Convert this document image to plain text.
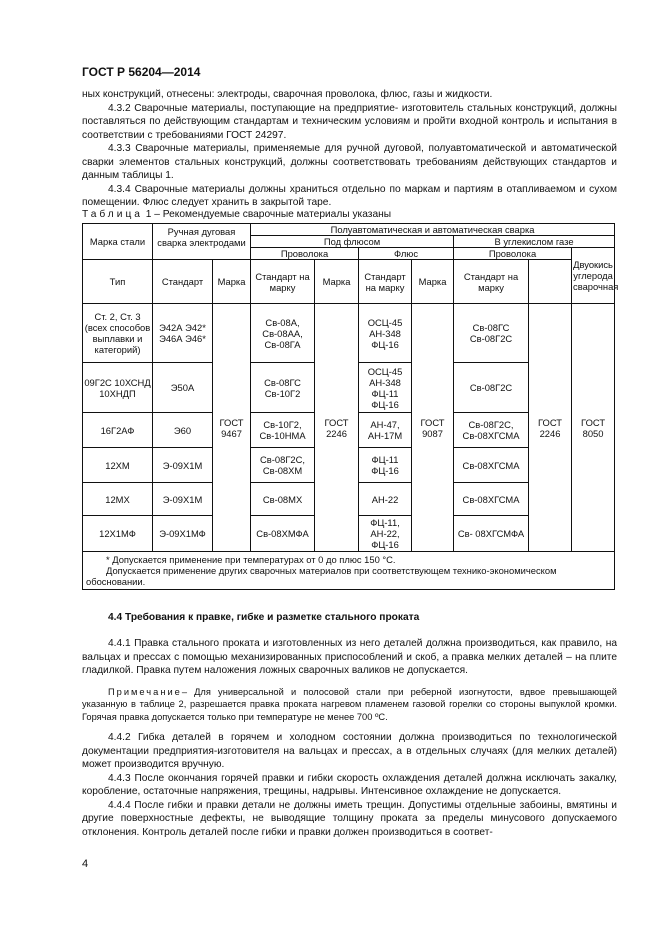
ГОСТ Р 56204—2014

ных конструкций, отнесены: электроды, сварочная проволока, флюс, газы и жидкости.

4.3.2 Сварочные материалы, поступающие на предприятие- изготовитель стальных конструкций, должны поставляться по действующим стандартам и техническим условиям и пройти входной контроль и испытания в соответствии с требованиями ГОСТ 24297.

4.3.3 Сварочные материалы, применяемые для ручной дуговой, полуавтоматической и автоматической сварки элементов стальных конструкций, должны соответствовать требованиям действующих стандартов и данным таблицы 1.

4.3.4 Сварочные материалы должны храниться отдельно по маркам и партиям в отапливаемом и сухом помещении. Флюс следует хранить в закрытой таре.

Таблица 1 – Рекомендуемые сварочные материалы указаны
Марка стали	Ручная дуговая сварка электродами		Полуавтоматическая и автоматическая сварка						
			Под флюсом				В углекислом газе		
			Проволока		Флюс		Проволока		Двуокись углерода сварочная
Тип	Стандарт	Марка	Стандарт на марку	Марка	Стандарт на марку	Марка	Стандарт на марку		
Ст. 2, Ст. 3 (всех способов выплавки и категорий)	Э42А Э42* Э46А Э46*	ГОСТ 9467	Св-08А, Св-08АА, Св-08ГА	ГОСТ 2246	ОСЦ-45 АН-348 ФЦ-16	ГОСТ 9087	Св-08ГС Св-08Г2С	ГОСТ 2246	ГОСТ 8050
09Г2С 10ХСНД 10ХНДП	Э50А		Св-08ГС Св-10Г2		ОСЦ-45 АН-348 ФЦ-11 ФЦ-16		Св-08Г2С		
16Г2АФ	Э60		Св-10Г2, Св-10НМА		АН-47, АН-17М		Св-08Г2С, Св-08ХГСМА		
12ХМ	Э-09Х1М		Св-08Г2С, Св-08ХМ		ФЦ-11 ФЦ-16		Св-08ХГСМА		
12МХ	Э-09Х1М		Св-08МХ		АН-22		Св-08ХГСМА		
12Х1МФ	Э-09Х1МФ		Св-08ХМФА		ФЦ-11, АН-22, ФЦ-16		Св- 08ХГСМФА		

* Допускается применение при температурах от 0 до плюс 150 °С.
Допускается применение других сварочных материалов при соответствующем технико-экономическом обосновании.									
4.4 Требования к правке, гибке и разметке стального проката

4.4.1 Правка стального проката и изготовленных из него деталей должна производиться, как правило, на вальцах и прессах с помощью механизированных приспособлений и скоб, а правка мелких деталей – на плите гладилкой. Правка путем наложения ложных сварочных валиков не допускается.

Примечание– Для универсальной и полосовой стали при реберной изогнутости, вдвое превышающей указанную в таблице 2, разрешается правка проката нагревом пламенем газовой горелки со стороны выпуклой кромки. Горячая правка допускается только при температуре не менее 700 ºС.

4.4.2 Гибка деталей в горячем и холодном состоянии должна производиться по технологической документации предприятия-изготовителя на вальцах и прессах, а в отдельных случаях (для мелких деталей) может производится вручную.

4.4.3 После окончания горячей правки и гибки скорость охлаждения деталей должна исключать закалку, коробление, остаточные напряжения, трещины, надрывы. Интенсивное охлаждение не допускается.

4.4.4 После гибки и правки детали не должны иметь трещин. Допустимы отдельные забоины, вмятины и другие поверхностные дефекты, не выводящие толщину проката за пределы минусового допускаемого отклонения. Контроль деталей после гибки и правки должен производиться в соответ-

4
